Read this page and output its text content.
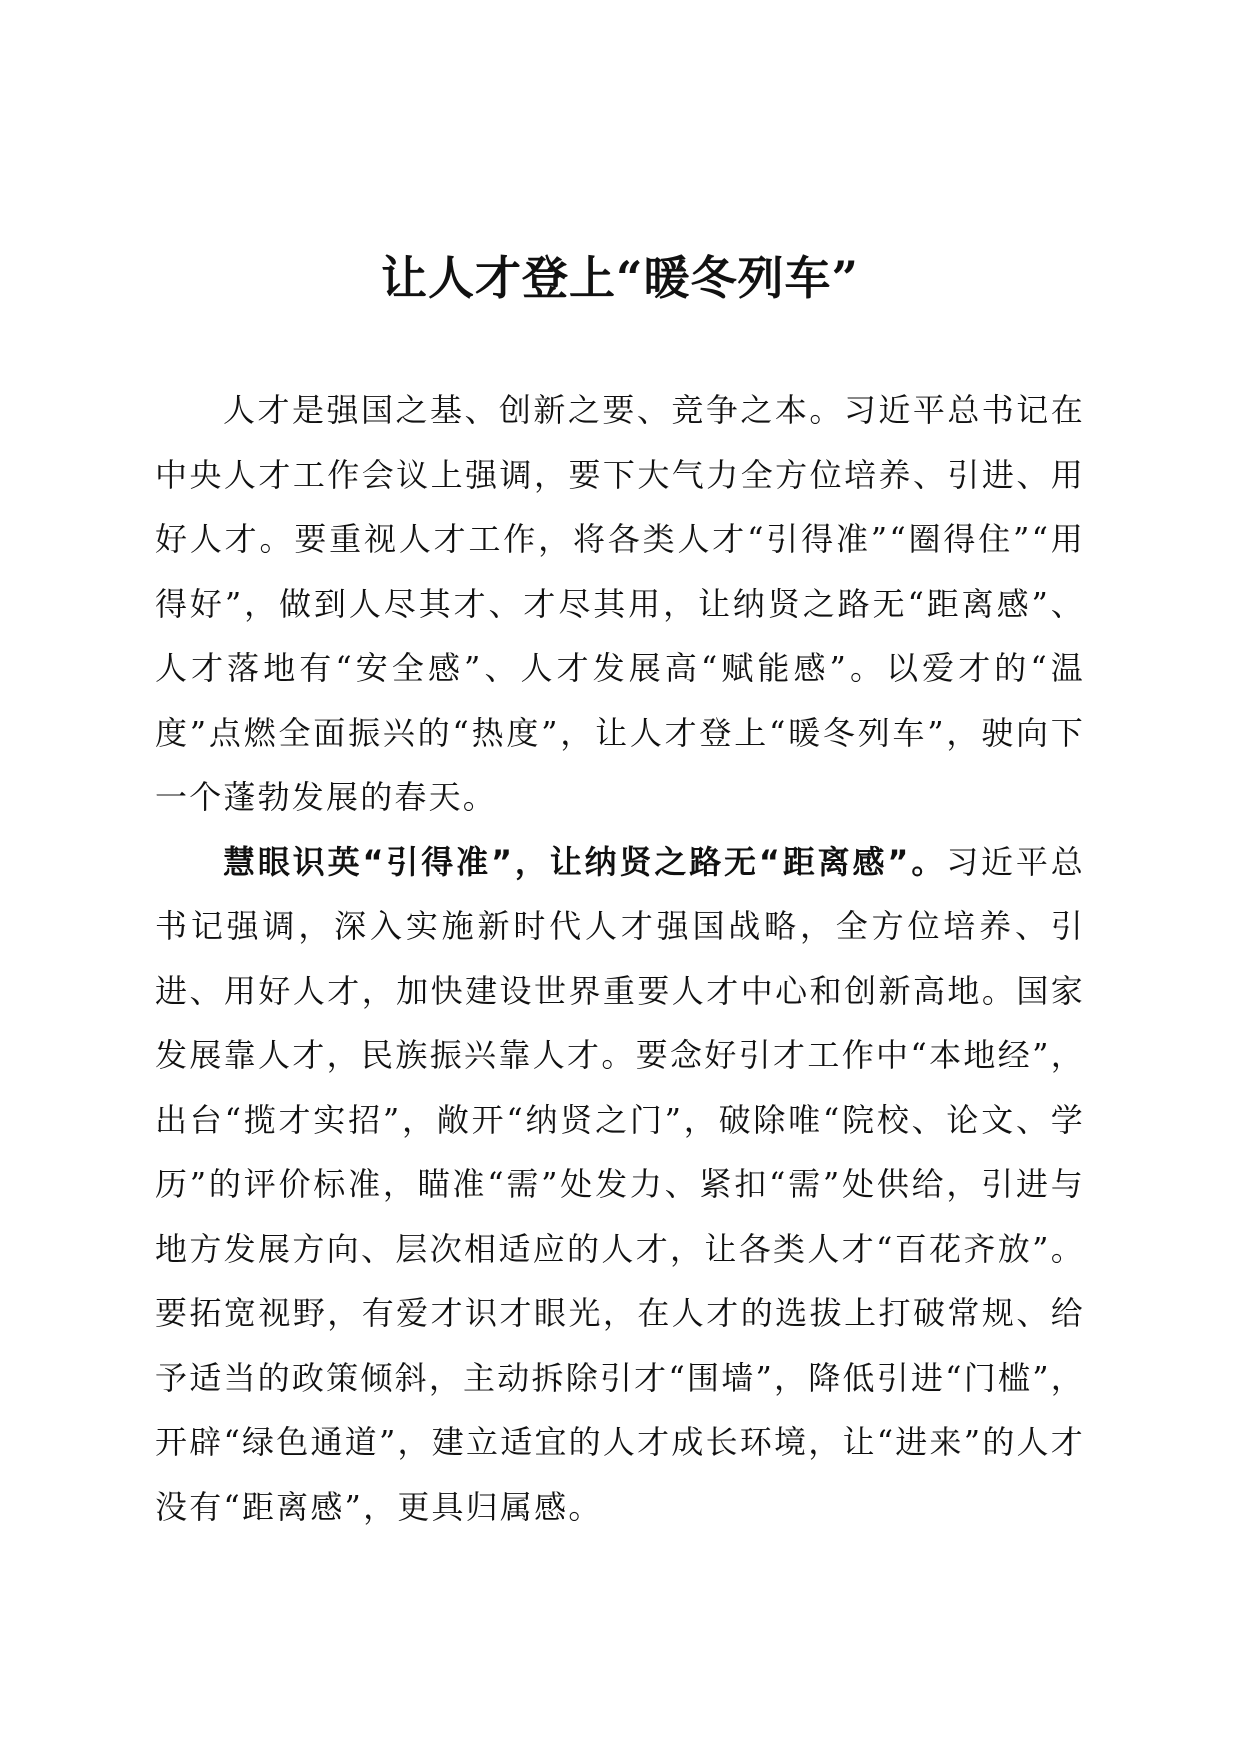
让人才登上“暖冬列车”

人才是强国之基、创新之要、竞争之本。习近平总书记在中央人才工作会议上强调，要下大气力全方位培养、引进、用好人才。要重视人才工作，将各类人才“引得准”“圈得住”“用得好”，做到人尽其才、才尽其用，让纳贤之路无“距离感”、人才落地有“安全感”、人才发展高“赋能感”。以爱才的“温度”点燃全面振兴的“热度”，让人才登上“暖冬列车”，驶向下一个蓬勃发展的春天。

慧眼识英“引得准”，让纳贤之路无“距离感”。习近平总书记强调，深入实施新时代人才强国战略，全方位培养、引进、用好人才，加快建设世界重要人才中心和创新高地。国家发展靠人才，民族振兴靠人才。要念好引才工作中“本地经”，出台“揽才实招”，敞开“纳贤之门”，破除唯“院校、论文、学历”的评价标准，瞄准“需”处发力、紧扣“需”处供给，引进与地方发展方向、层次相适应的人才，让各类人才“百花齐放”。要拓宽视野，有爱才识才眼光，在人才的选拔上打破常规、给予适当的政策倾斜，主动拆除引才“围墙”，降低引进“门槛”，开辟“绿色通道”，建立适宜的人才成长环境，让“进来”的人才没有“距离感”，更具归属感。
